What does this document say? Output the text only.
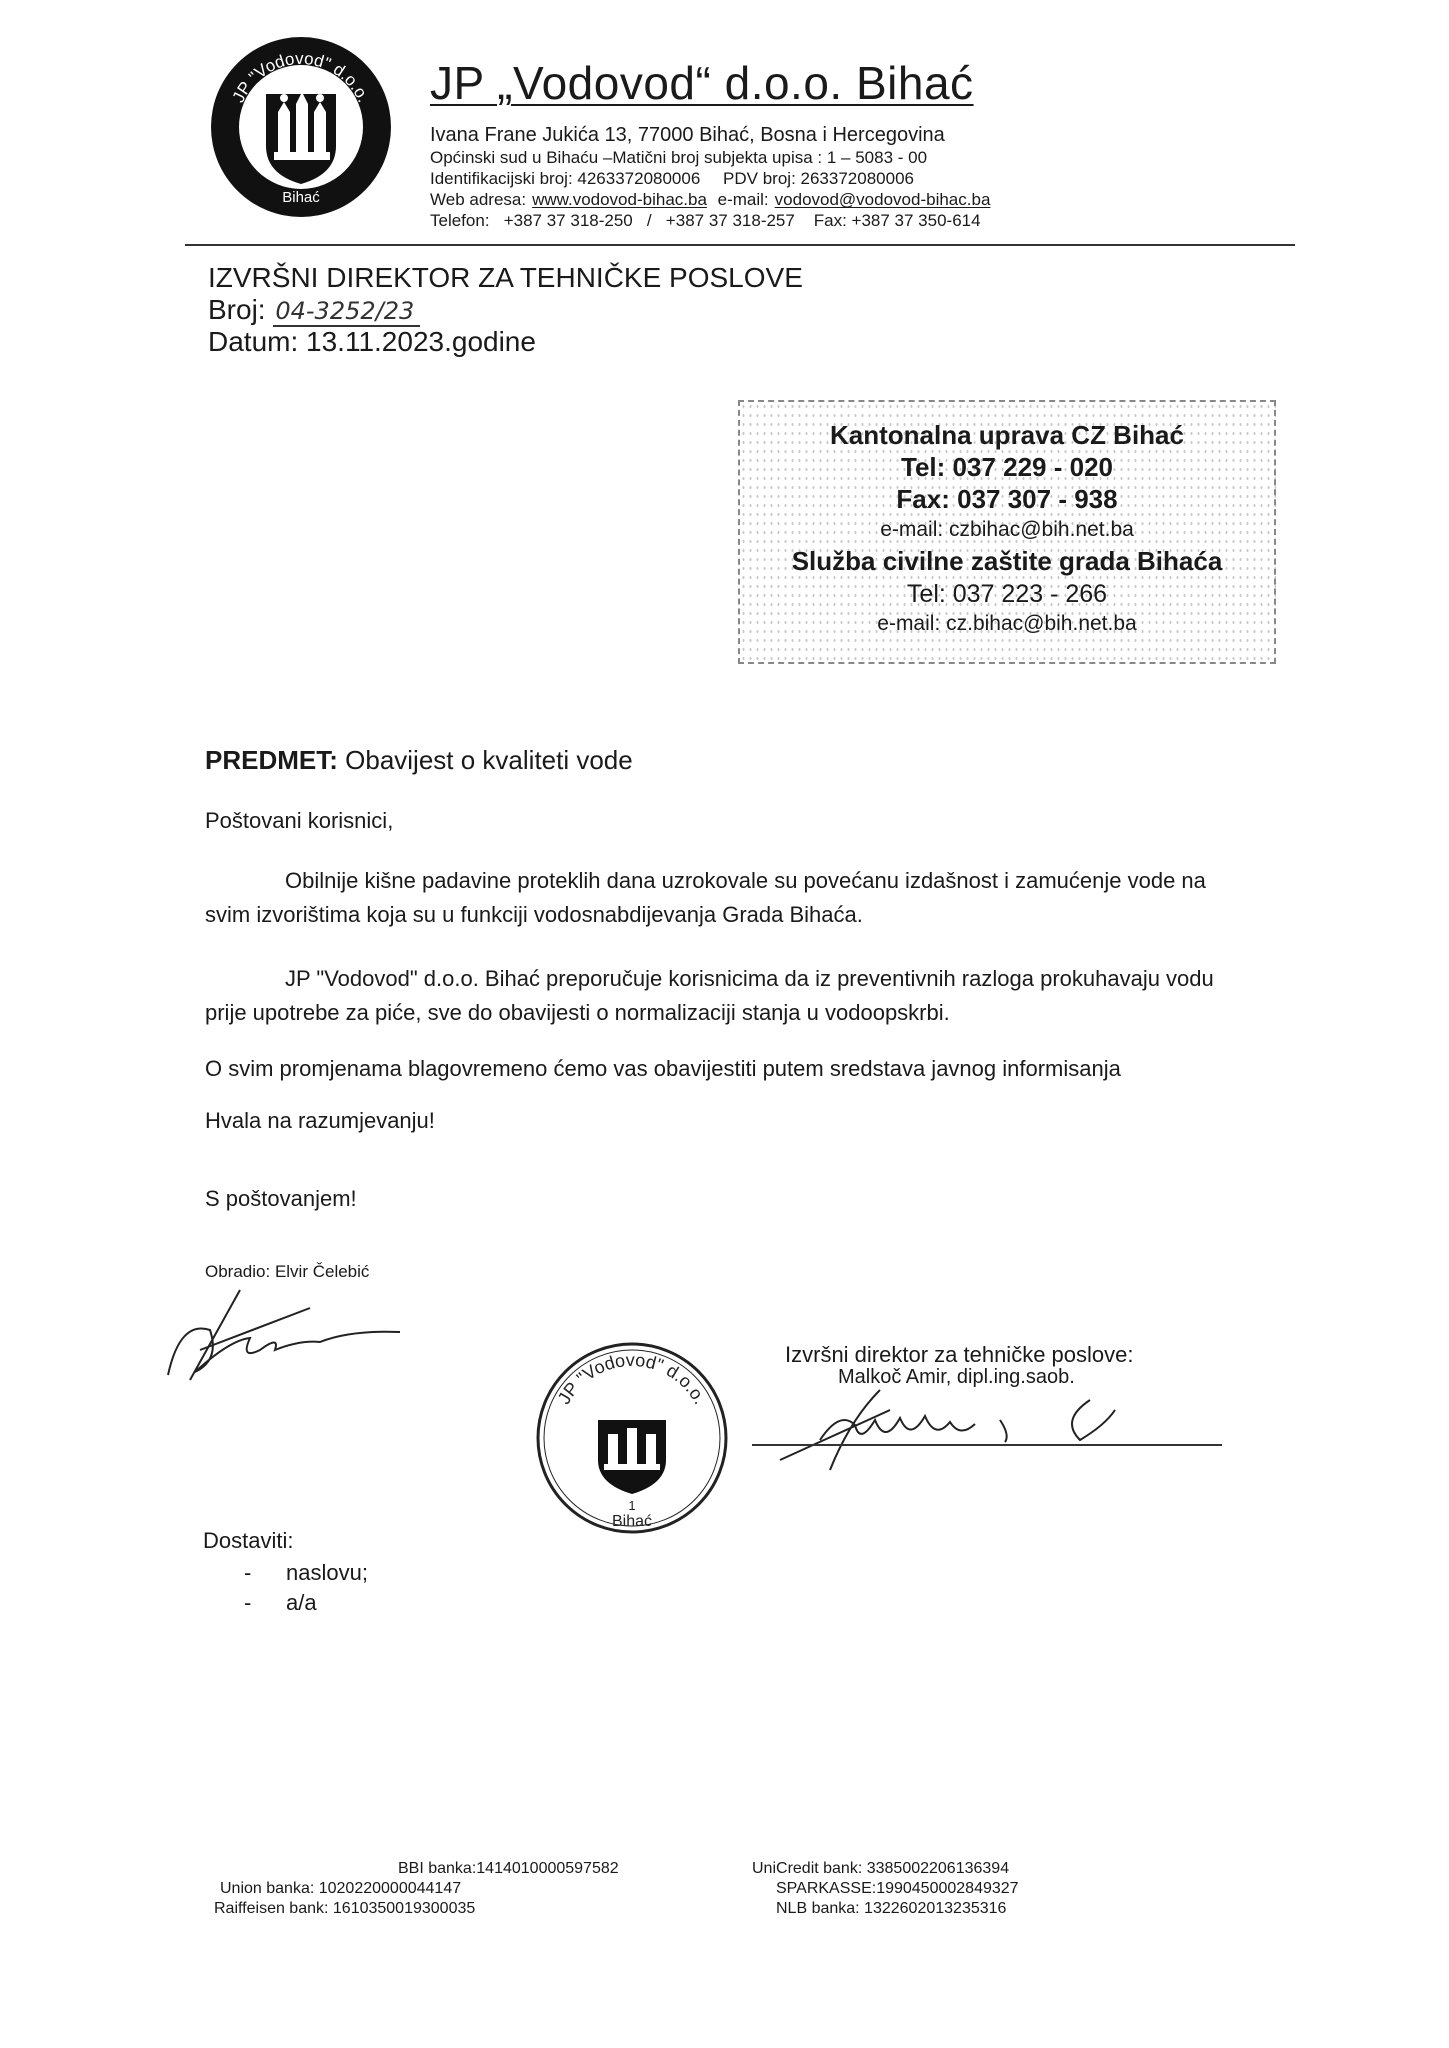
JP "Vodovod" d.o.o.
Bihać
JP „Vodovod“ d.o.o. Bihać
Ivana Frane Jukića 13, 77000 Bihać, Bosna i Hercegovina
Općinski sud u Bihaću –Matični broj subjekta upisa : 1 – 5083 - 00
Identifikacijski broj: 4263372080006 PDV broj: 263372080006
Web adresa: www.vodovod-bihac.ba e-mail: vodovod@vodovod-bihac.ba
Telefon:   +387 37 318-250   /   +387 37 318-257    Fax: +387 37 350-614
IZVRŠNI DIREKTOR ZA TEHNIČKE POSLOVE
Broj: 04-3252/23
Datum: 13.11.2023.godine
Kantonalna uprava CZ Bihać
Tel: 037 229 - 020
Fax: 037 307 - 938
e-mail: czbihac@bih.net.ba
Služba civilne zaštite grada Bihaća
Tel: 037 223 - 266
e-mail: cz.bihac@bih.net.ba
PREDMET: Obavijest o kvaliteti vode
Poštovani korisnici,
Obilnije kišne padavine proteklih dana uzrokovale su povećanu izdašnost i zamućenje vode na
svim izvorištima koja su u funkciji vodosnabdijevanja Grada Bihaća.
JP "Vodovod" d.o.o. Bihać preporučuje korisnicima da iz preventivnih razloga prokuhavaju vodu
prije upotrebe za piće, sve do obavijesti o normalizaciji stanja u vodoopskrbi.
O svim promjenama blagovremeno ćemo vas obavijestiti putem sredstava javnog informisanja
Hvala na razumjevanju!
S poštovanjem!
Obradio: Elvir Čelebić
Izvršni direktor za tehničke poslove:
Malkoč Amir, dipl.ing.saob.
JP "Vodovod" d.o.o.
1
Bihać
Dostaviti:
- naslovu;
- a/a
BBI banka:1414010000597582
Union banka: 1020220000044147
Raiffeisen bank: 1610350019300035
UniCredit bank: 3385002206136394
SPARKASSE:1990450002849327
NLB banka: 1322602013235316
